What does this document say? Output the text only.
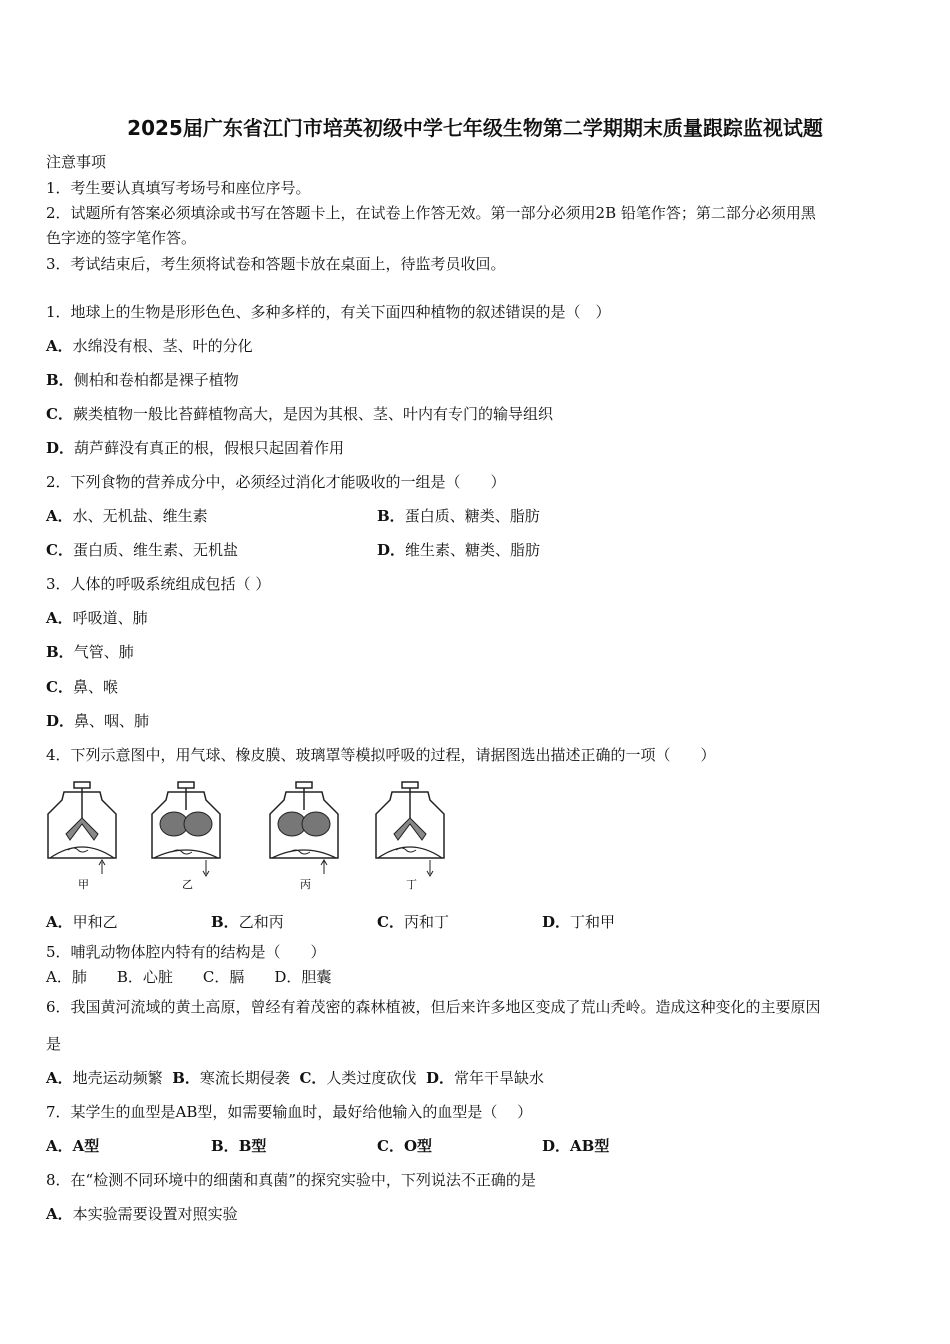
2025届广东省江门市培英初级中学七年级生物第二学期期末质量跟踪监视试题
注意事项
1．考生要认真填写考场号和座位序号。
2．试题所有答案必须填涂或书写在答题卡上，在试卷上作答无效。第一部分必须用2B 铅笔作答；第二部分必须用黑
色字迹的签字笔作答。
3．考试结束后，考生须将试卷和答题卡放在桌面上，待监考员收回。
1．地球上的生物是形形色色、多种多样的，有关下面四种植物的叙述错误的是（　）
A．水绵没有根、茎、叶的分化
B．侧柏和卷柏都是裸子植物
C．蕨类植物一般比苔藓植物高大，是因为其根、茎、叶内有专门的输导组织
D．葫芦藓没有真正的根，假根只起固着作用
2．下列食物的营养成分中，必须经过消化才能吸收的一组是（　　）
A．水、无机盐、维生素	B．蛋白质、糖类、脂肪
C．蛋白质、维生素、无机盐	D．维生素、糖类、脂肪
3．人体的呼吸系统组成包括（ ）
A．呼吸道、肺
B．气管、肺
C．鼻、喉
D．鼻、咽、肺
4．下列示意图中，用气球、橡皮膜、玻璃罩等模拟呼吸的过程，请据图选出描述正确的一项（　　）
甲	乙	丙	丁
A．甲和乙	B．乙和丙	C．丙和丁	D．丁和甲
5．哺乳动物体腔内特有的结构是（　　）
A．肺　　B．心脏　　C．膈　　D．胆囊
6．我国黄河流域的黄土高原，曾经有着茂密的森林植被，但后来许多地区变成了荒山秃岭。造成这种变化的主要原因
是
A．地壳运动频繁 B．寒流长期侵袭 C．人类过度砍伐 D．常年干旱缺水
7．某学生的血型是AB型，如需要输血时，最好给他输入的血型是（　 ）
A．A型	B．B型	C．O型	D．AB型
8．在“检测不同环境中的细菌和真菌”的探究实验中，下列说法不正确的是
A．本实验需要设置对照实验
